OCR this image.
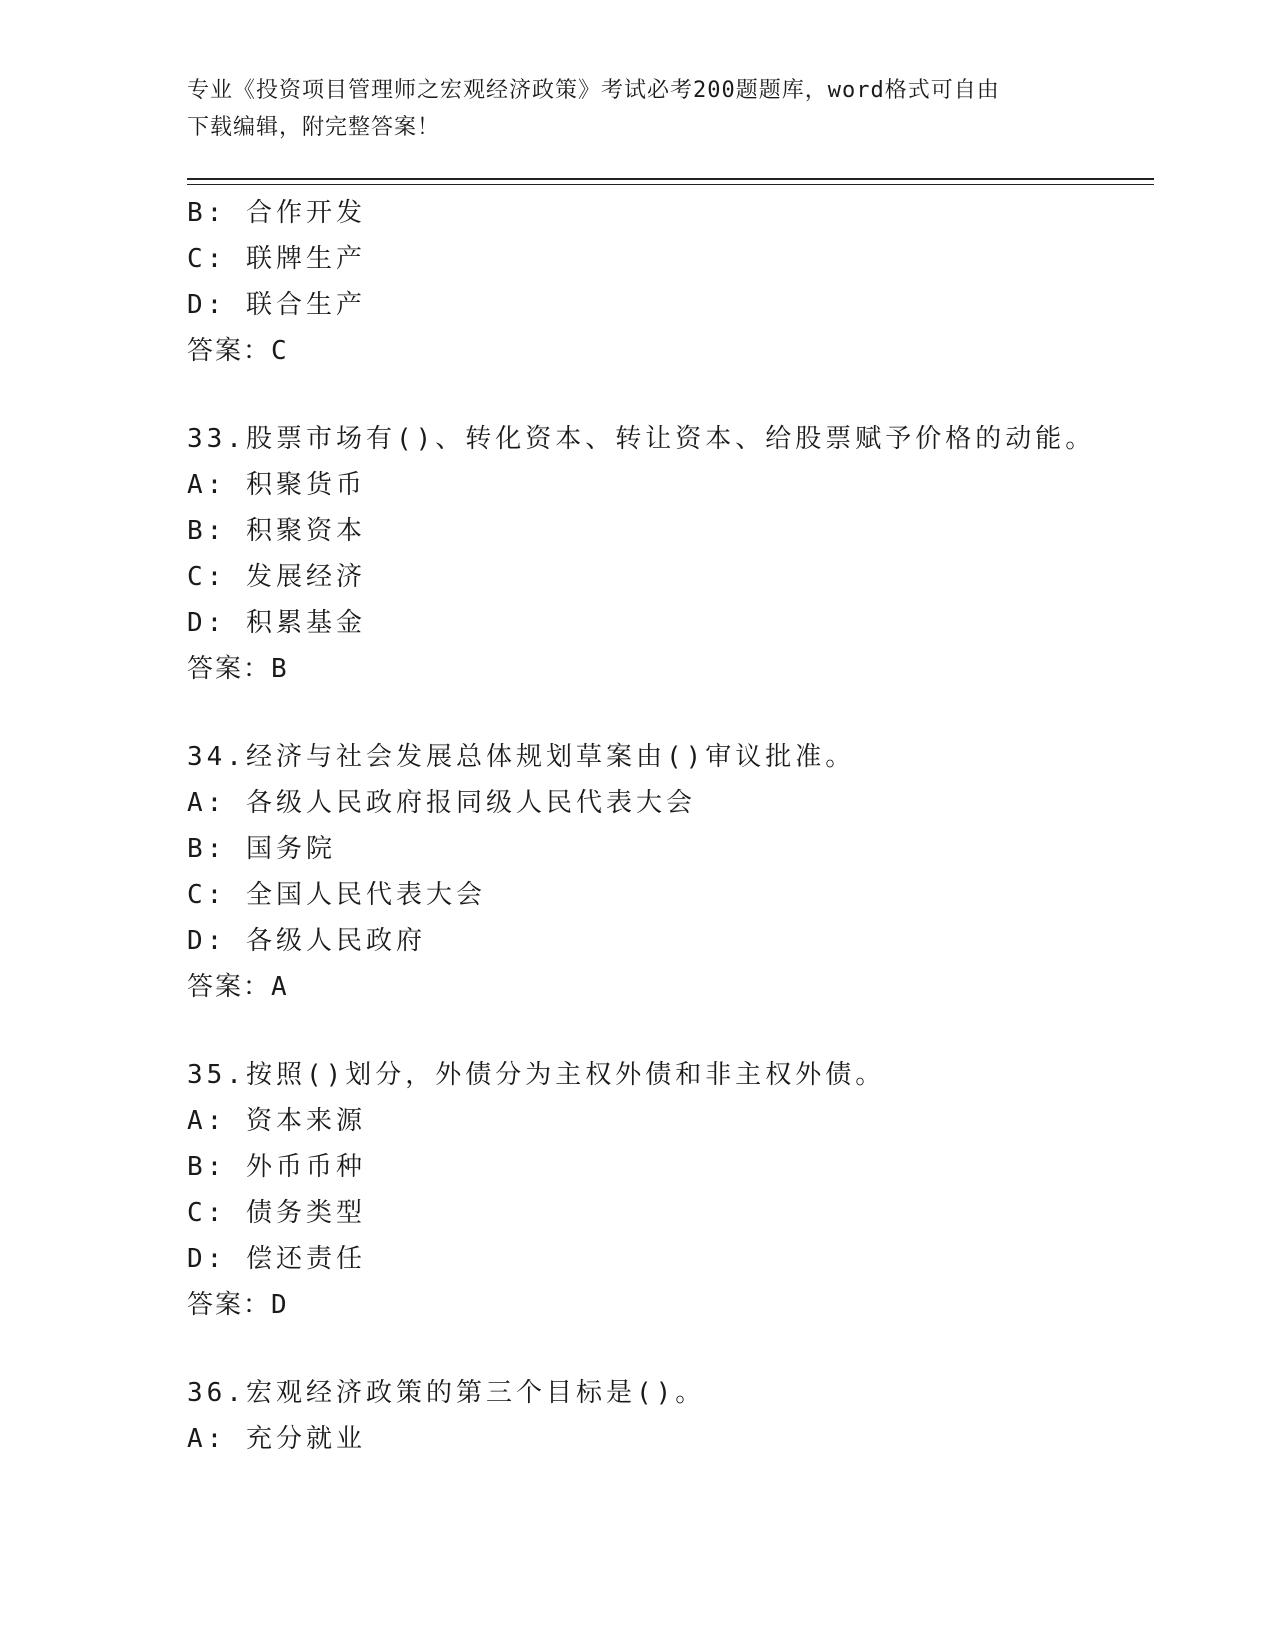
专业《投资项目管理师之宏观经济政策》考试必考200题题库，word格式可自由
下载编辑，附完整答案！
B: 合作开发
C: 联牌生产
D: 联合生产
答案：C
33.股票市场有()、转化资本、转让资本、给股票赋予价格的动能。
A: 积聚货币
B: 积聚资本
C: 发展经济
D: 积累基金
答案：B
34.经济与社会发展总体规划草案由()审议批准。
A: 各级人民政府报同级人民代表大会
B: 国务院
C: 全国人民代表大会
D: 各级人民政府
答案：A
35.按照()划分，外债分为主权外债和非主权外债。
A: 资本来源
B: 外币币种
C: 债务类型
D: 偿还责任
答案：D
36.宏观经济政策的第三个目标是()。
A: 充分就业
